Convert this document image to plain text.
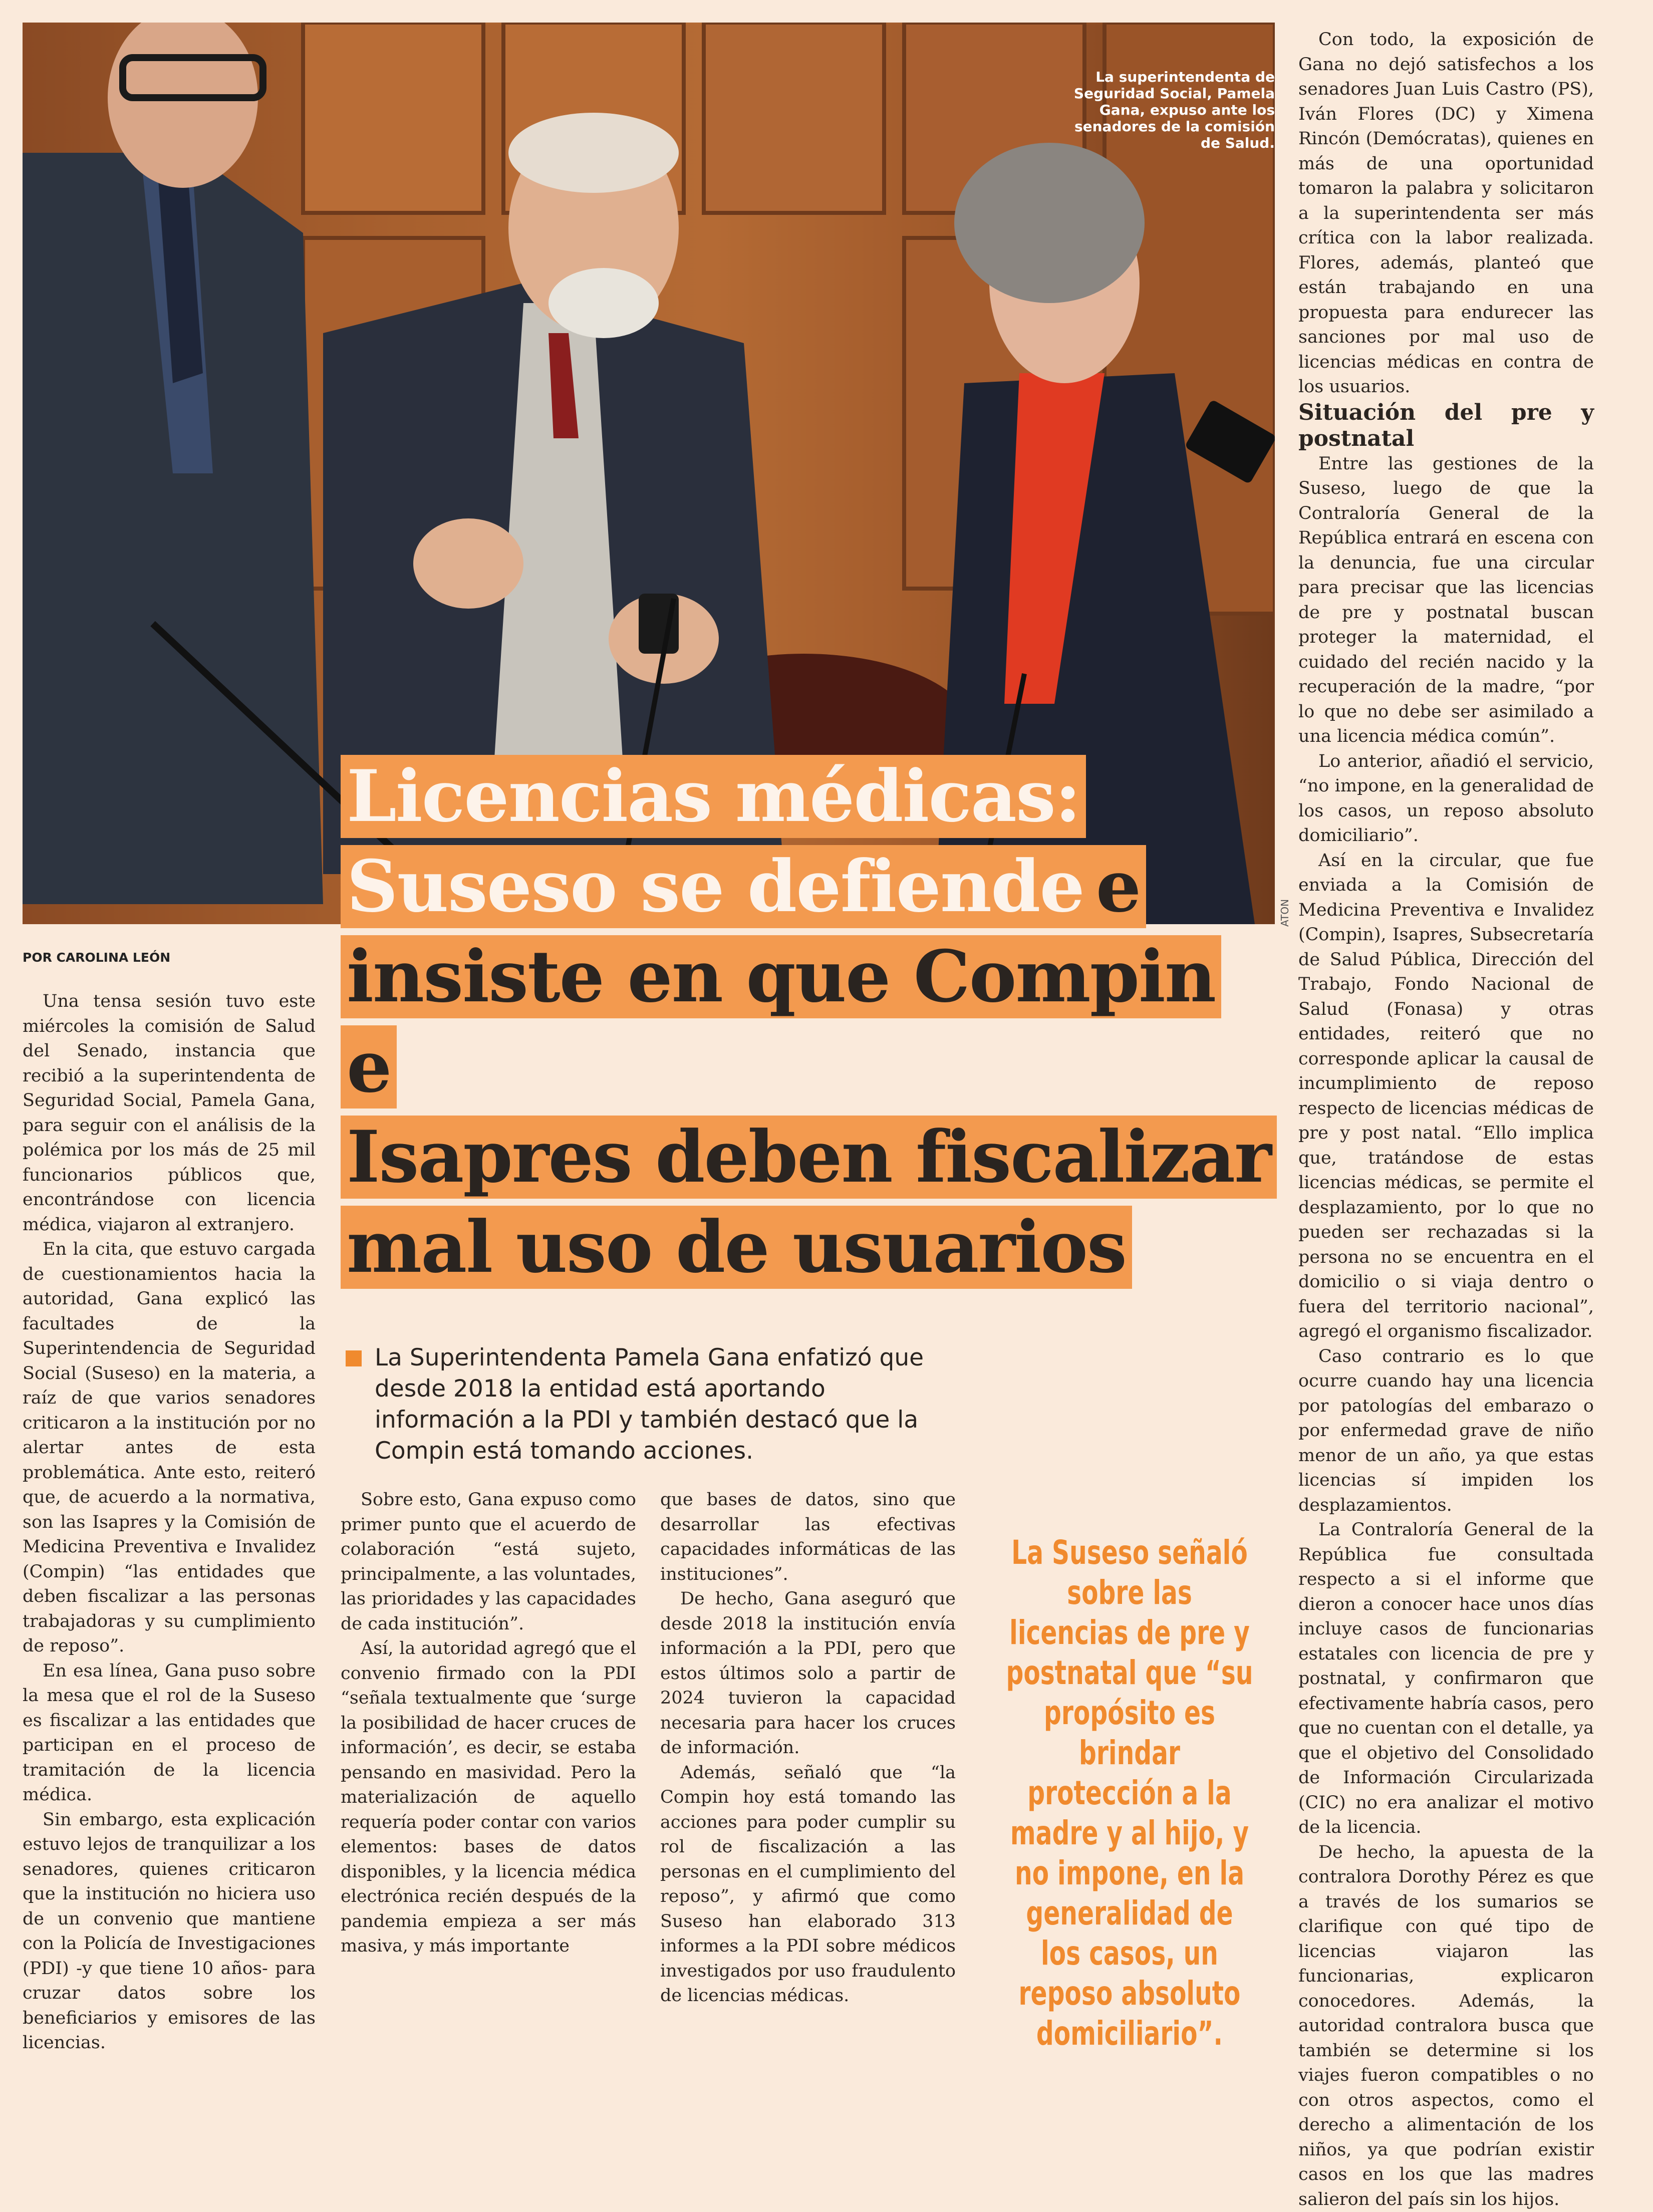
La superintendenta de Seguridad Social, Pamela Gana, expuso ante los senadores de la comisión de Salud.
ATON
Licencias médicas:
Suseso se defiende e
insiste en que Compin e
Isapres deben fiscalizar
mal uso de usuarios
POR CAROLINA LEÓN

Una tensa sesión tuvo este miércoles la comisión de Salud del Senado, instancia que recibió a la superintendenta de Seguridad Social, Pamela Gana, para seguir con el análisis de la polémica por los más de 25 mil funcionarios públicos que, encontrándose con licencia médica, viajaron al extranjero.

En la cita, que estuvo cargada de cuestionamientos hacia la autoridad, Gana explicó las facultades de la Superintendencia de Seguridad Social (Suseso) en la materia, a raíz de que varios senadores criticaron a la institución por no alertar antes de esta problemática. Ante esto, reiteró que, de acuerdo a la normativa, son las Isapres y la Comisión de Medicina Preventiva e Invalidez (Compin) “las entidades que deben fiscalizar a las personas trabajadoras y su cumplimiento de reposo”.

En esa línea, Gana puso sobre la mesa que el rol de la Suseso es fiscalizar a las entidades que participan en el proceso de tramitación de la licencia médica.

Sin embargo, esta explicación estuvo lejos de tranquilizar a los senadores, quienes criticaron que la institución no hiciera uso de un convenio que mantiene con la Policía de Investigaciones (PDI) -y que tiene 10 años- para cruzar datos sobre los beneficiarios y emisores de las licencias.

La Superintendenta Pamela Gana enfatizó que desde 2018 la entidad está aportando información a la PDI y también destacó que la Compin está tomando acciones.

Sobre esto, Gana expuso como primer punto que el acuerdo de colaboración “está sujeto, principalmente, a las voluntades, las prioridades y las capacidades de cada institución”.

Así, la autoridad agregó que el convenio firmado con la PDI “señala textualmente que ‘surge la posibilidad de hacer cruces de información’, es decir, se estaba pensando en masividad. Pero la materialización de aquello requería poder contar con varios elementos: bases de datos disponibles, y la licencia médica electrónica recién después de la pandemia empieza a ser más masiva, y más importante

que bases de datos, sino que desarrollar las efectivas capacidades informáticas de las instituciones”.

De hecho, Gana aseguró que desde 2018 la institución envía información a la PDI, pero que estos últimos solo a partir de 2024 tuvieron la capacidad necesaria para hacer los cruces de información.

Además, señaló que “la Compin hoy está tomando las acciones para poder cumplir su rol de fiscalización a las personas en el cumplimiento del reposo”, y afirmó que como Suseso han elaborado 313 informes a la PDI sobre médicos investigados por uso fraudulento de licencias médicas.

La Suseso señaló sobre las licencias de pre y postnatal que “su propósito es brindar protección a la madre y al hijo, y no impone, en la generalidad de los casos, un reposo absoluto domiciliario”.

Con todo, la exposición de Gana no dejó satisfechos a los senadores Juan Luis Castro (PS), Iván Flores (DC) y Ximena Rincón (Demócratas), quienes en más de una oportunidad tomaron la palabra y solicitaron a la superintendenta ser más crítica con la labor realizada. Flores, además, planteó que están trabajando en una propuesta para endurecer las sanciones por mal uso de licencias médicas en contra de los usuarios.

Situación del pre y postnatal

Entre las gestiones de la Suseso, luego de que la Contraloría General de la República entrará en escena con la denuncia, fue una circular para precisar que las licencias de pre y postnatal buscan proteger la maternidad, el cuidado del recién nacido y la recuperación de la madre, “por lo que no debe ser asimilado a una licencia médica común”.

Lo anterior, añadió el servicio, “no impone, en la generalidad de los casos, un reposo absoluto domiciliario”.

Así en la circular, que fue enviada a la Comisión de Medicina Preventiva e Invalidez (Compin), Isapres, Subsecretaría de Salud Pública, Dirección del Trabajo, Fondo Nacional de Salud (Fonasa) y otras entidades, reiteró que no corresponde aplicar la causal de incumplimiento de reposo respecto de licencias médicas de pre y post natal. “Ello implica que, tratándose de estas licencias médicas, se permite el desplazamiento, por lo que no pueden ser rechazadas si la persona no se encuentra en el domicilio o si viaja dentro o fuera del territorio nacional”, agregó el organismo fiscalizador.

Caso contrario es lo que ocurre cuando hay una licencia por patologías del embarazo o por enfermedad grave de niño menor de un año, ya que estas licencias sí impiden los desplazamientos.

La Contraloría General de la República fue consultada respecto a si el informe que dieron a conocer hace unos días incluye casos de funcionarias estatales con licencia de pre y postnatal, y confirmaron que efectivamente habría casos, pero que no cuentan con el detalle, ya que el objetivo del Consolidado de Información Circularizada (CIC) no era analizar el motivo de la licencia.

De hecho, la apuesta de la contralora Dorothy Pérez es que a través de los sumarios se clarifique con qué tipo de licencias viajaron las funcionarias, explicaron conocedores. Además, la autoridad contralora busca que también se determine si los viajes fueron compatibles o no con otros aspectos, como el derecho a alimentación de los niños, ya que podrían existir casos en los que las madres salieron del país sin los hijos.
